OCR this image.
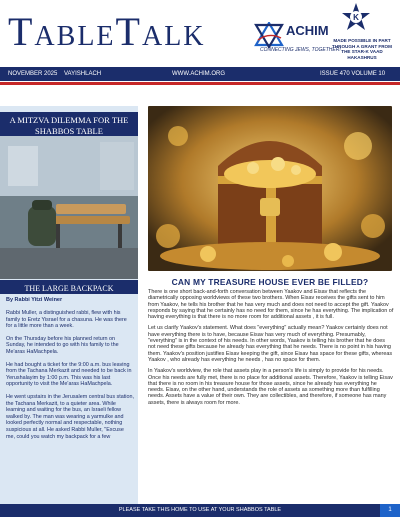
TableTalk	ACHIM
CONNECTING JEWS, TOGETHER!
K
MADE POSSIBLE IN PART THROUGH A GRANT FROM THE STAR-K VAAD HAKASHRUS
NOVEMBER 2025 VAYISHLACH	WWW.ACHIM.ORG	ISSUE 470 VOLUME 10
A MITZVA DILEMMA FOR THE SHABBOS TABLE
THE LARGE BACKPACK
By Rabbi Yitzi Weiner

Rabbi Muller, a distinguished rabbi, flew with his family to Eretz Yisrael for a chasuna. He was there for a little more than a week.

On the Thursday before his planned return on Sunday, he intended to go with his family to the Me'aras HaMachpela.

He had bought a ticket for the 9:00 a.m. bus leaving from the Tachana Merkazit and needed to be back in Yerushalayim by 1:00 p.m. This was his last opportunity to visit the Me'aras HaMachpela.

He went upstairs in the Jerusalem central bus station, the Tachana Merkazit, to a quieter area. While learning and waiting for the bus, an Israeli fellow walked by. The man was wearing a yarmulke and looked perfectly normal and respectable, nothing suspicious at all. He asked Rabbi Muller, "Excuse me, could you watch my backpack for a few

CAN MY TREASURE HOUSE EVER BE FILLED?

There is one short back-and-forth conversation between Yaakov and Eisav that reflects the diametrically opposing worldviews of these two brothers. When Eisav receives the gifts sent to him from Yaakov, he tells his brother that he has very much and does not need to accept the gift. Yaakov responds by saying that he certainly has no need for them, since he has everything. The implication of having everything is that there is no more room for additional assets , it is full.

Let us clarify Yaakov's statement. What does "everything" actually mean? Yaakov certainly does not have everything there is to have, because Eisav has very much of everything. Presumably, "everything" is in the context of his needs. In other words, Yaakov is telling his brother that he does not need these gifts because he already has everything that he needs. There is no point in his having them. Yaakov's position justifies Eisav keeping the gift, since Eisav has space for these gifts, whereas Yaakov , who already has everything he needs , has no space for them.

In Yaakov's worldview, the role that assets play in a person's life is simply to provide for his needs. Once his needs are fully met, there is no place for additional assets. Therefore, Yaakov is telling Eisav that there is no room in his treasure house for those assets, since he already has everything he needs. Eisav, on the other hand, understands the role of assets as something more than fulfilling needs. Assets have a value of their own. They are collectibles, and therefore, if someone has many assets, there is always room for more.

PLEASE TAKE THIS HOME TO USE AT YOUR SHABBOS TABLE	1
